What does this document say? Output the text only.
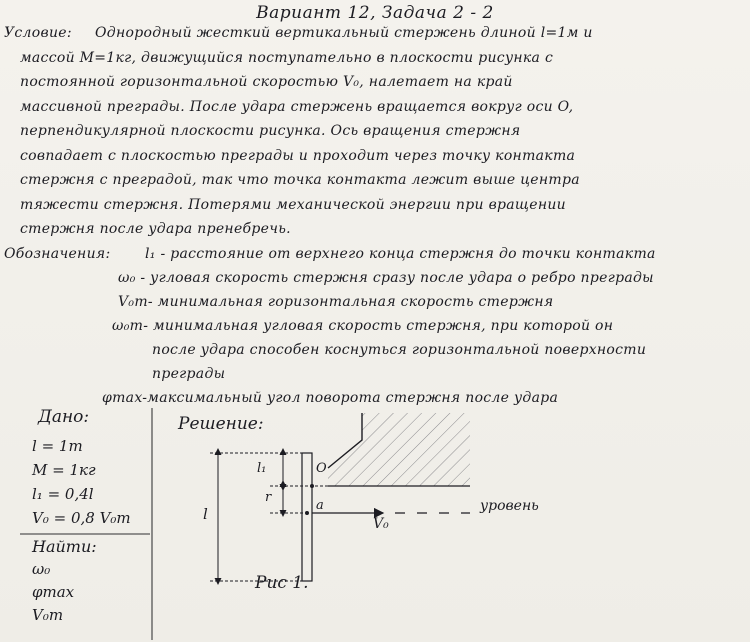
Вариант 12, Задача 2 - 2
Условие: Однородный жесткий вертикальный стержень длиной l=1м и
массой M=1кг, движущийся поступательно в плоскости рисунка с
постоянной горизонтальной скоростью V₀, налетает на край
массивной преграды. После удара стержень вращается вокруг оси O,
перпендикулярной плоскости рисунка. Ось вращения стержня
совпадает с плоскостью преграды и проходит через точку контакта
стержня с преградой, так что точка контакта лежит выше центра
тяжести стержня. Потерями механической энергии при вращении
стержня после удара пренебречь.
Обозначения: l₁ - расстояние от верхнего конца стержня до точки контакта
ω₀ - угловая скорость стержня сразу после удара о ребро преграды
V₀m- минимальная горизонтальная скорость стержня
ω₀m- минимальная угловая скорость стержня, при которой он
после удара способен коснуться горизонтальной поверхности
преграды
φmax-максимальный угол поворота стержня после удара
Дано:
l = 1m
M = 1кг
l₁ = 0,4l
V₀ = 0,8 V₀m
Найти:
ω₀
φmax
V₀m
Решение:
l
l₁
r
O
a
V₀
уровень
Рис 1.
